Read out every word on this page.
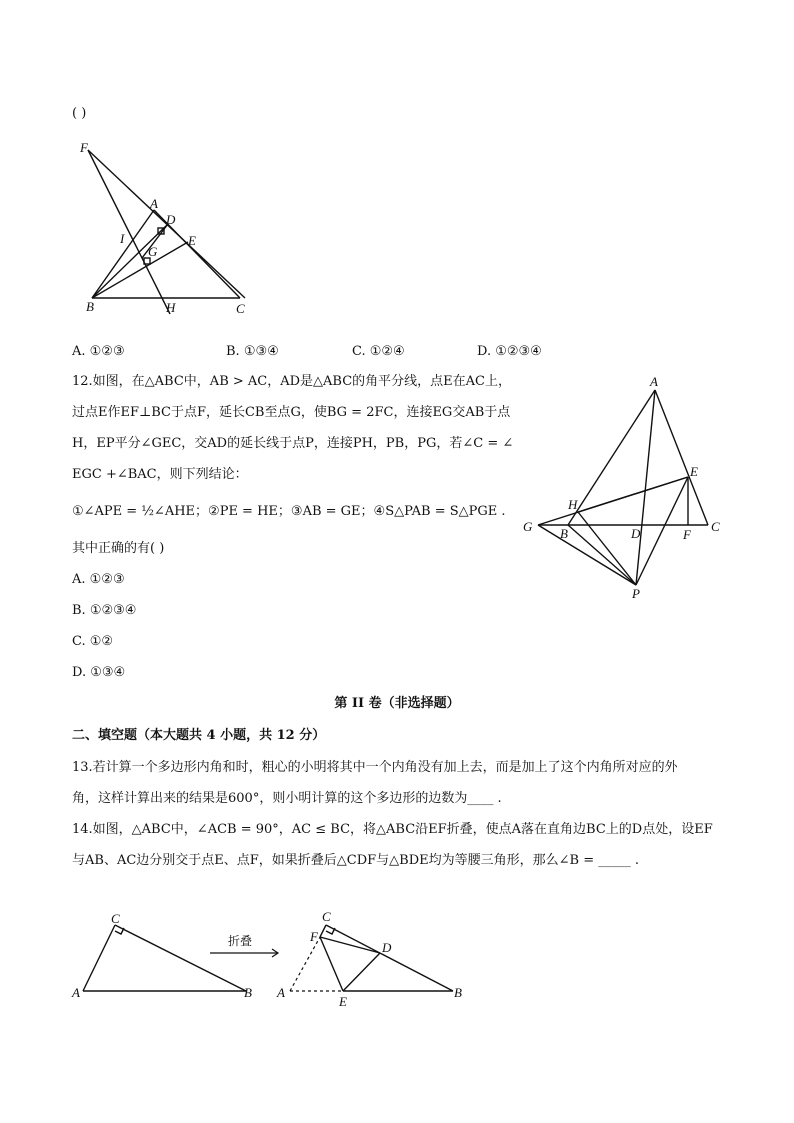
( )
F
A
D
I	E
G
B	H	C
A. ①②③	B. ①③④	C. ①②④	D. ①②③④
12.如图，在△ABC中，AB > AC，AD是△ABC的角平分线，点E在AC上，
过点E作EF⊥BC于点F，延长CB至点G，使BG = 2FC，连接EG交AB于点
H，EP平分∠GEC，交AD的延长线于点P，连接PH，PB，PG，若∠C = ∠
EGC +∠BAC，则下列结论：
①∠APE = ½∠AHE；②PE = HE；③AB = GE；④S△PAB = S△PGE .
其中正确的有( )
A. ①②③
B. ①②③④
C. ①②
D. ①③④
A
E
H
G B	D	F
C
P
第 II 卷（非选择题）
二、填空题（本大题共 4 小题，共 12 分）
13.若计算一个多边形内角和时，粗心的小明将其中一个内角没有加上去，而是加上了这个内角所对应的外
角，这样计算出来的结果是600°，则小明计算的这个多边形的边数为____ .
14.如图，△ABC中，∠ACB = 90°，AC ≤ BC，将△ABC沿EF折叠，使点A落在直角边BC上的D点处，设EF
与AB、AC边分别交于点E、点F，如果折叠后△CDF与△BDE均为等腰三角形，那么∠B = _____ .
C
A	B
折叠
C
F
D
A
E
B
